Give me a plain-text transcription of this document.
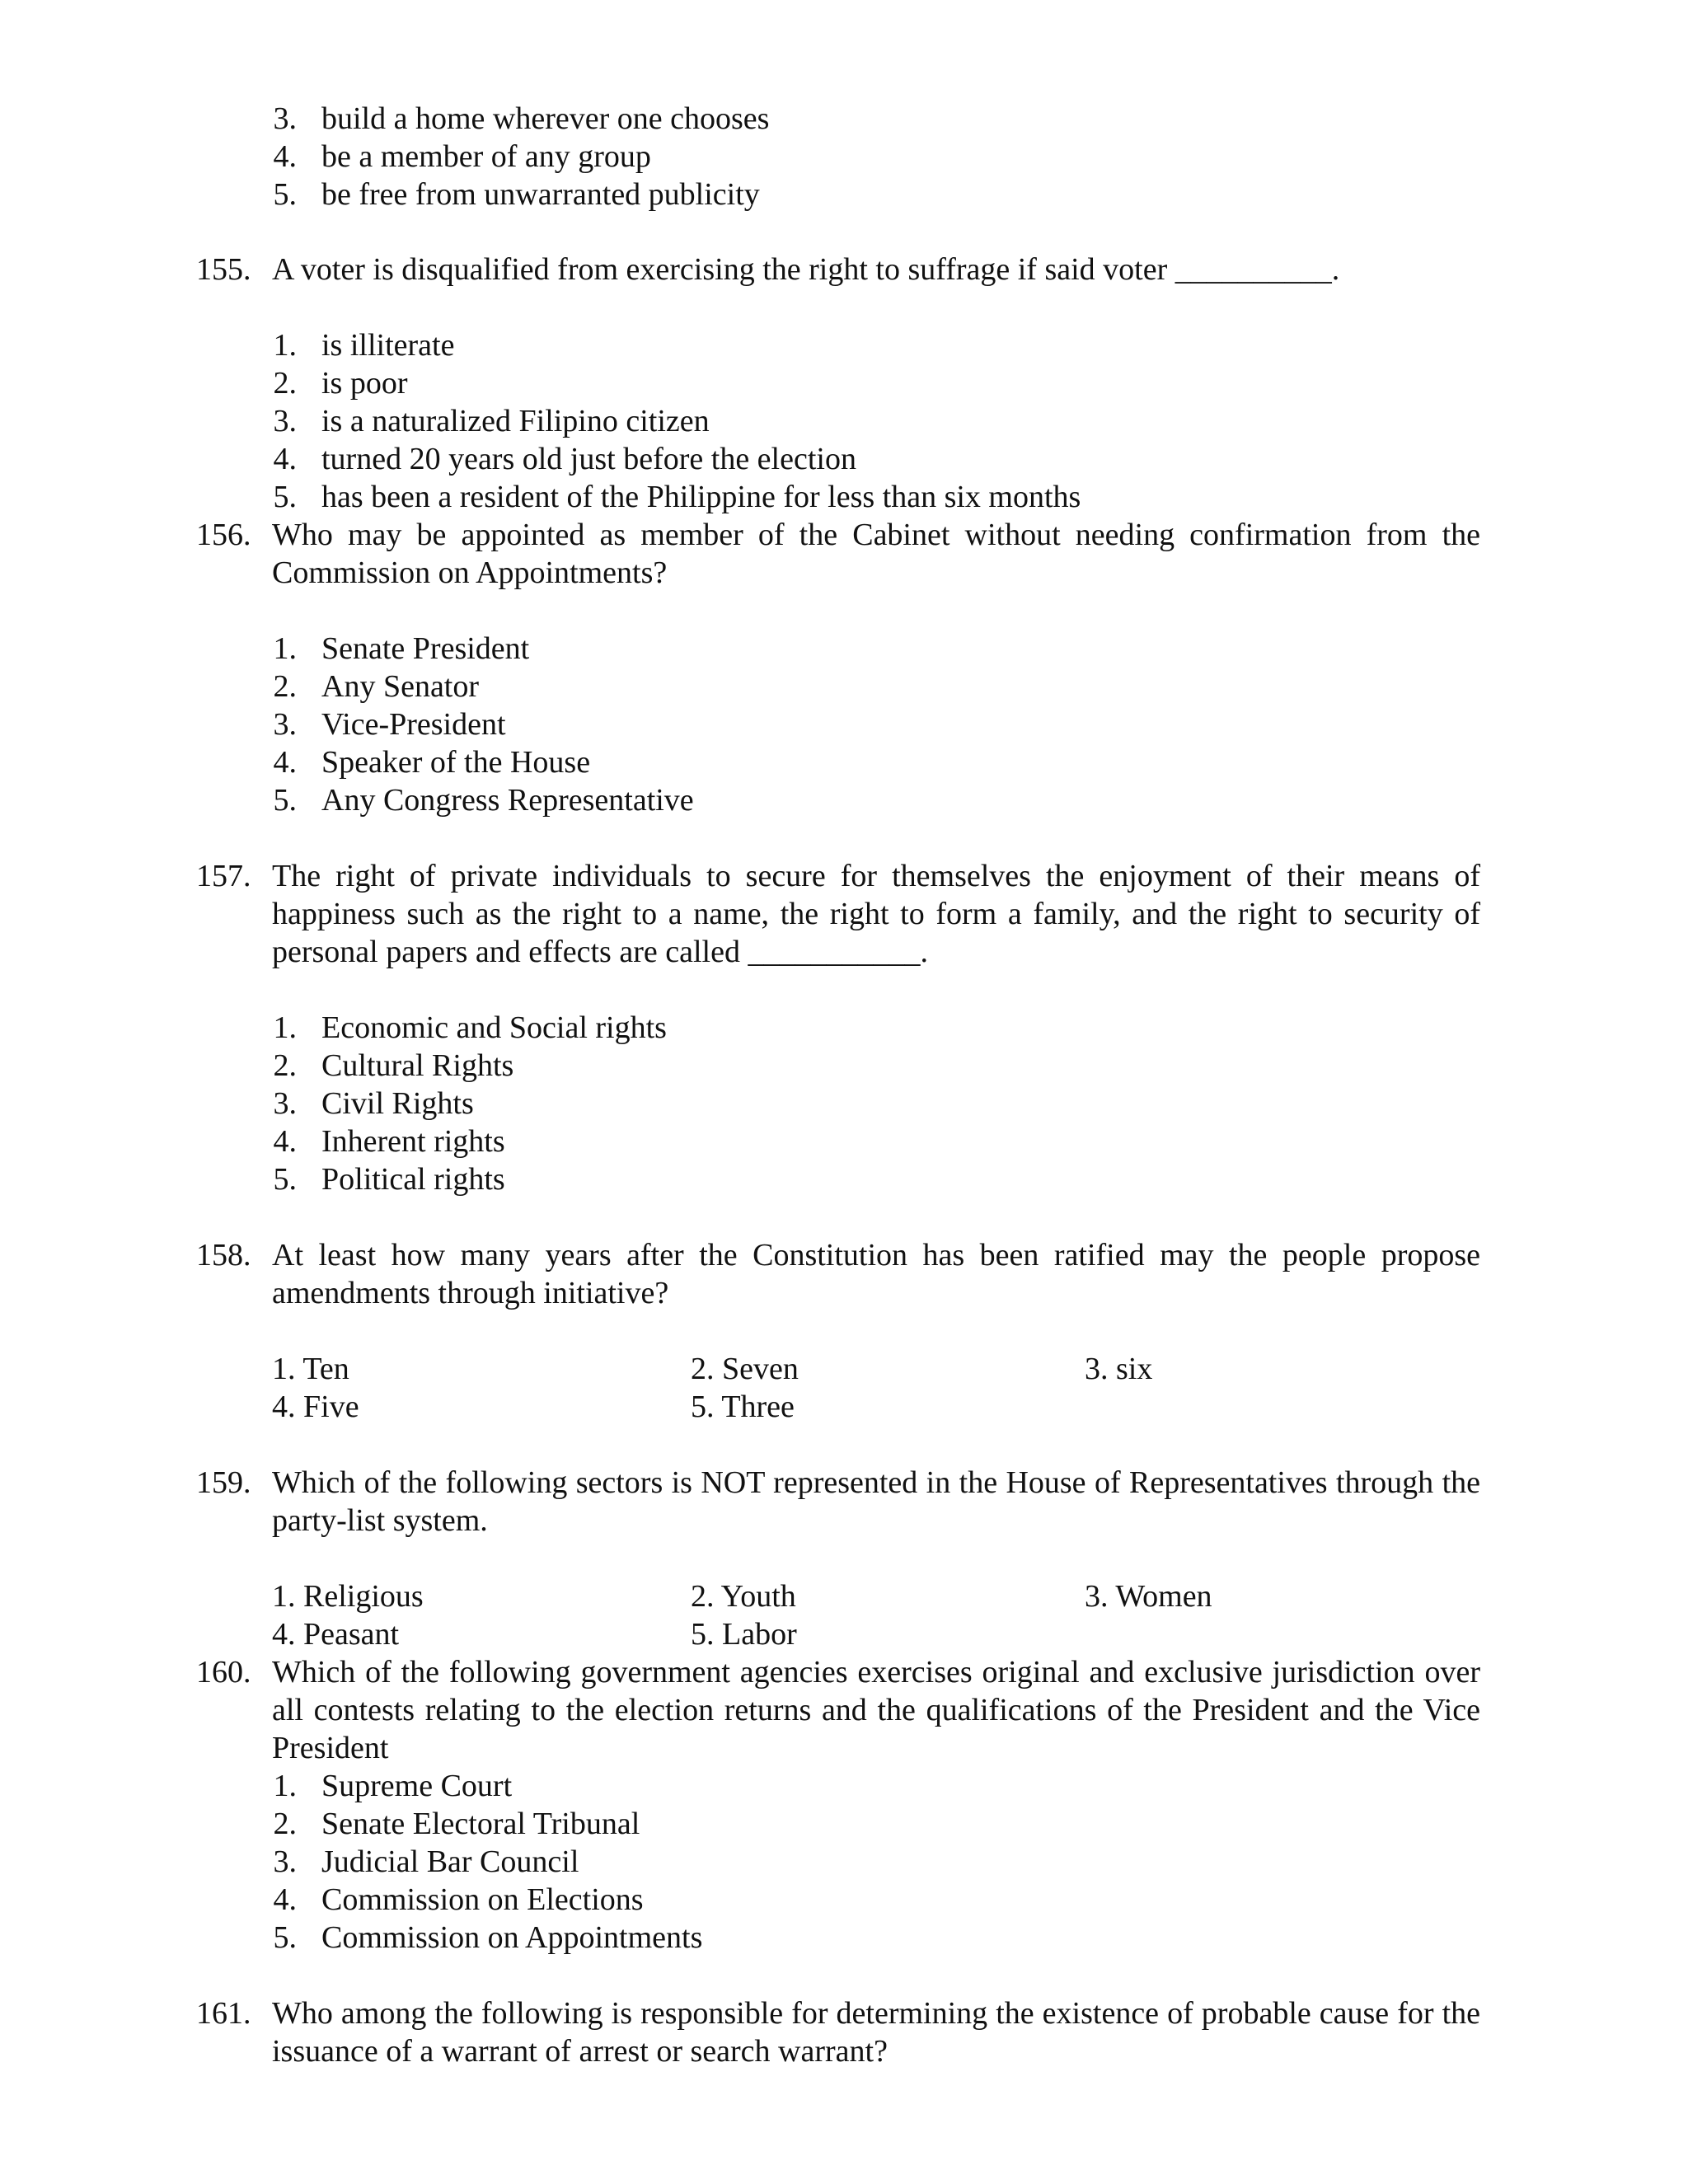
3. build a home wherever one chooses
4. be a member of any group
5. be free from unwarranted publicity
155. A voter is disqualified from exercising the right to suffrage if said voter __________.
1. is illiterate
2. is poor
3. is a naturalized Filipino citizen
4. turned 20 years old just before the election
5. has been a resident of the Philippine for less than six months
156. Who may be appointed as member of the Cabinet without needing confirmation from the Commission on Appointments?
1. Senate President
2. Any Senator
3. Vice-President
4. Speaker of the House
5. Any Congress Representative
157. The right of private individuals to secure for themselves the enjoyment of their means of happiness such as the right to a name, the right to form a family, and the right to security of personal papers and effects are called ___________.
1. Economic and Social rights
2. Cultural Rights
3. Civil Rights
4. Inherent rights
5. Political rights
158. At least how many years after the Constitution has been ratified may the people propose amendments through initiative?
1. Ten	2. Seven	3. six
4. Five	5. Three
159. Which of the following sectors is NOT represented in the House of Representatives through the party-list system.
1. Religious	2. Youth	3. Women
4. Peasant	5. Labor
160. Which of the following government agencies exercises original and exclusive jurisdiction over all contests relating to the election returns and the qualifications of the President and the Vice President
1. Supreme Court
2. Senate Electoral Tribunal
3. Judicial Bar Council
4. Commission on Elections
5. Commission on Appointments
161. Who among the following is responsible for determining the existence of probable cause for the issuance of a warrant of arrest or search warrant?
